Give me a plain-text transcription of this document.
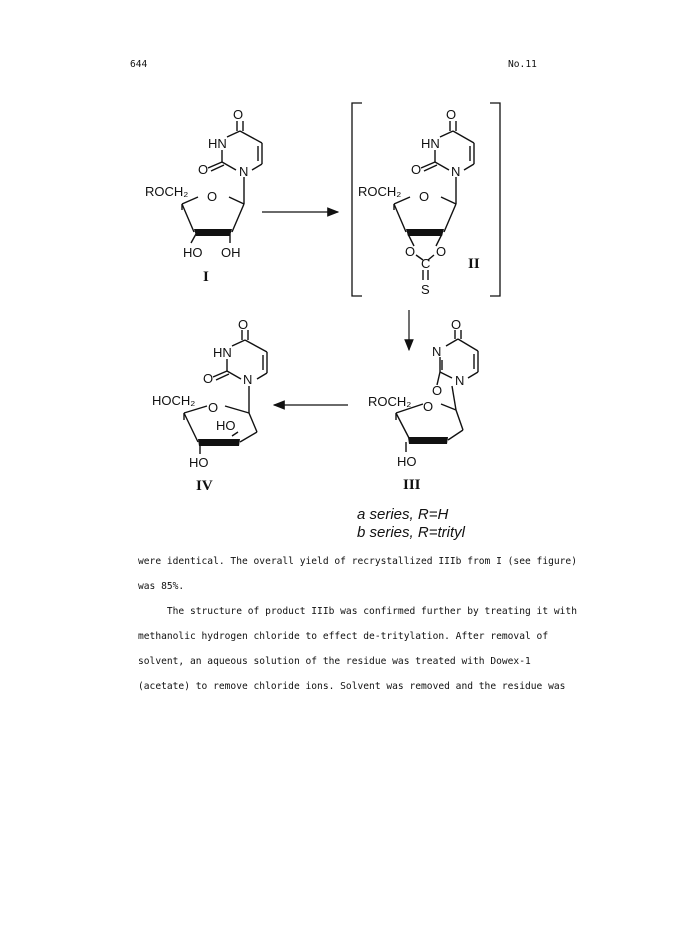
644	No.11
O
HN
O N
ROCH₂ O
HO OH
I
O
HN
O N
ROCH₂ O
O O
C
S
II
O
N
N
O
ROCH₂ O
HO
III
O
HN
O N
HOCH₂ O
HO
HO
IV
a series, R=H
b series, R=trityl
were identical. The overall yield of recrystallized IIIb from I (see figure)
was 85%.
The structure of product IIIb was confirmed further by treating it with
methanolic hydrogen chloride to effect de-tritylation. After removal of
solvent, an aqueous solution of the residue was treated with Dowex-1
(acetate) to remove chloride ions. Solvent was removed and the residue was
